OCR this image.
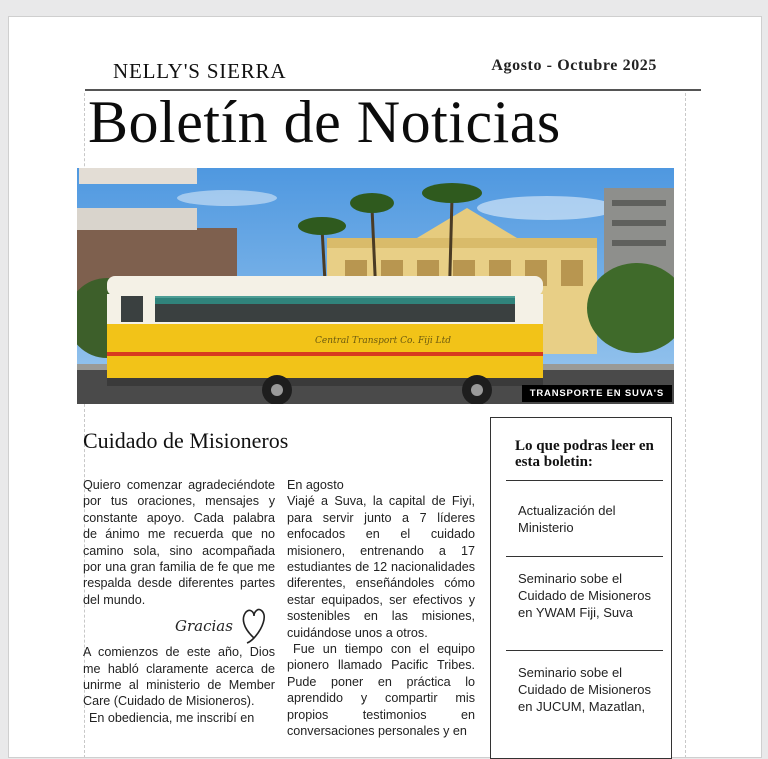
NELLY'S SIERRA	Agosto - Octubre 2025
Boletín de Noticias
Central Transport Co. Fiji Ltd
TRANSPORTE EN SUVA'S
Cuidado de Misioneros

Quiero comenzar agradeciéndote por tus oraciones, mensajes y constante apoyo. Cada palabra de ánimo me recuerda que no camino sola, sino acompañada por una gran familia de fe que me respalda desde diferentes partes del mundo.

Gracias

A comienzos de este año, Dios me habló claramente acerca de unirme al ministerio de Member Care (Cuidado de Misioneros).

En obediencia, me inscribí en

En agosto

Viajé a Suva, la capital de Fiyi, para servir junto a 7 líderes enfocados en el cuidado misionero, entrenando a 17 estudiantes de 12 nacionalidades diferentes, enseñándoles cómo estar equipados, ser efectivos y sostenibles en las misiones, cuidándose unos a otros.

Fue un tiempo con el equipo pionero llamado Pacific Tribes. Pude poner en práctica lo aprendido y compartir mis propios testimonios en conversaciones personales y en

Lo que podras leer en esta boletin:
Actualización del Ministerio
Seminario sobe el Cuidado de Misioneros en YWAM Fiji, Suva
Seminario sobe el Cuidado de Misioneros en JUCUM, Mazatlan,
